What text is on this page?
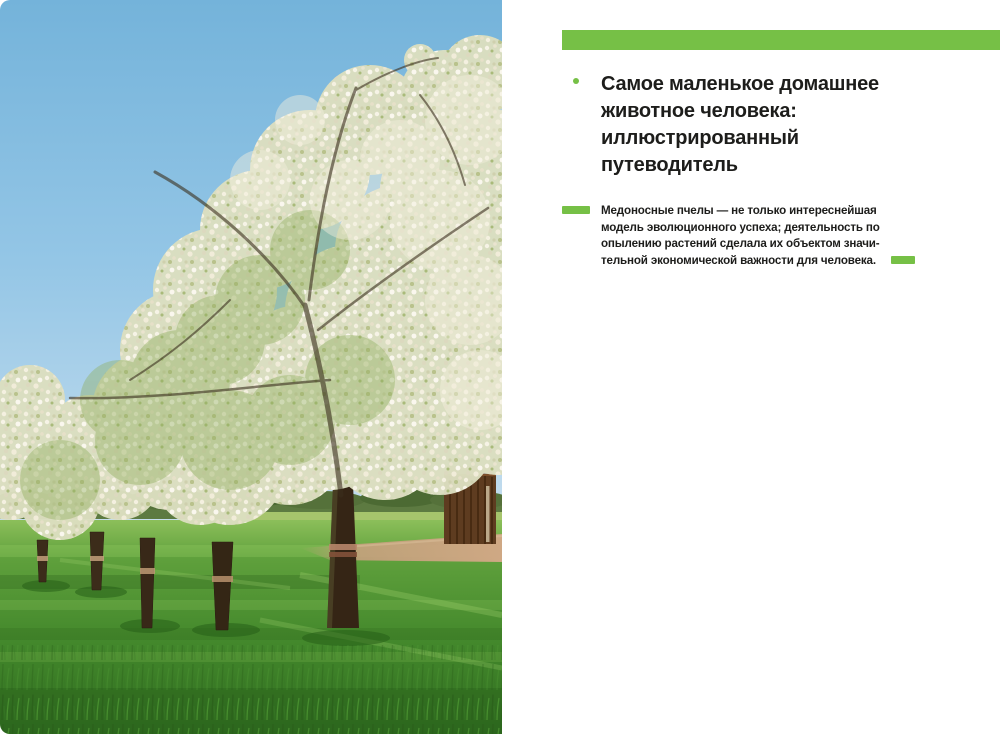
Самое маленькое домашнее
животное человека:
иллюстрированный
путеводитель
Медоносные пчелы — не только интереснейшая
модель эволюционного успеха; деятельность по
опылению растений сделала их объектом значи-
тельной экономической важности для человека.
